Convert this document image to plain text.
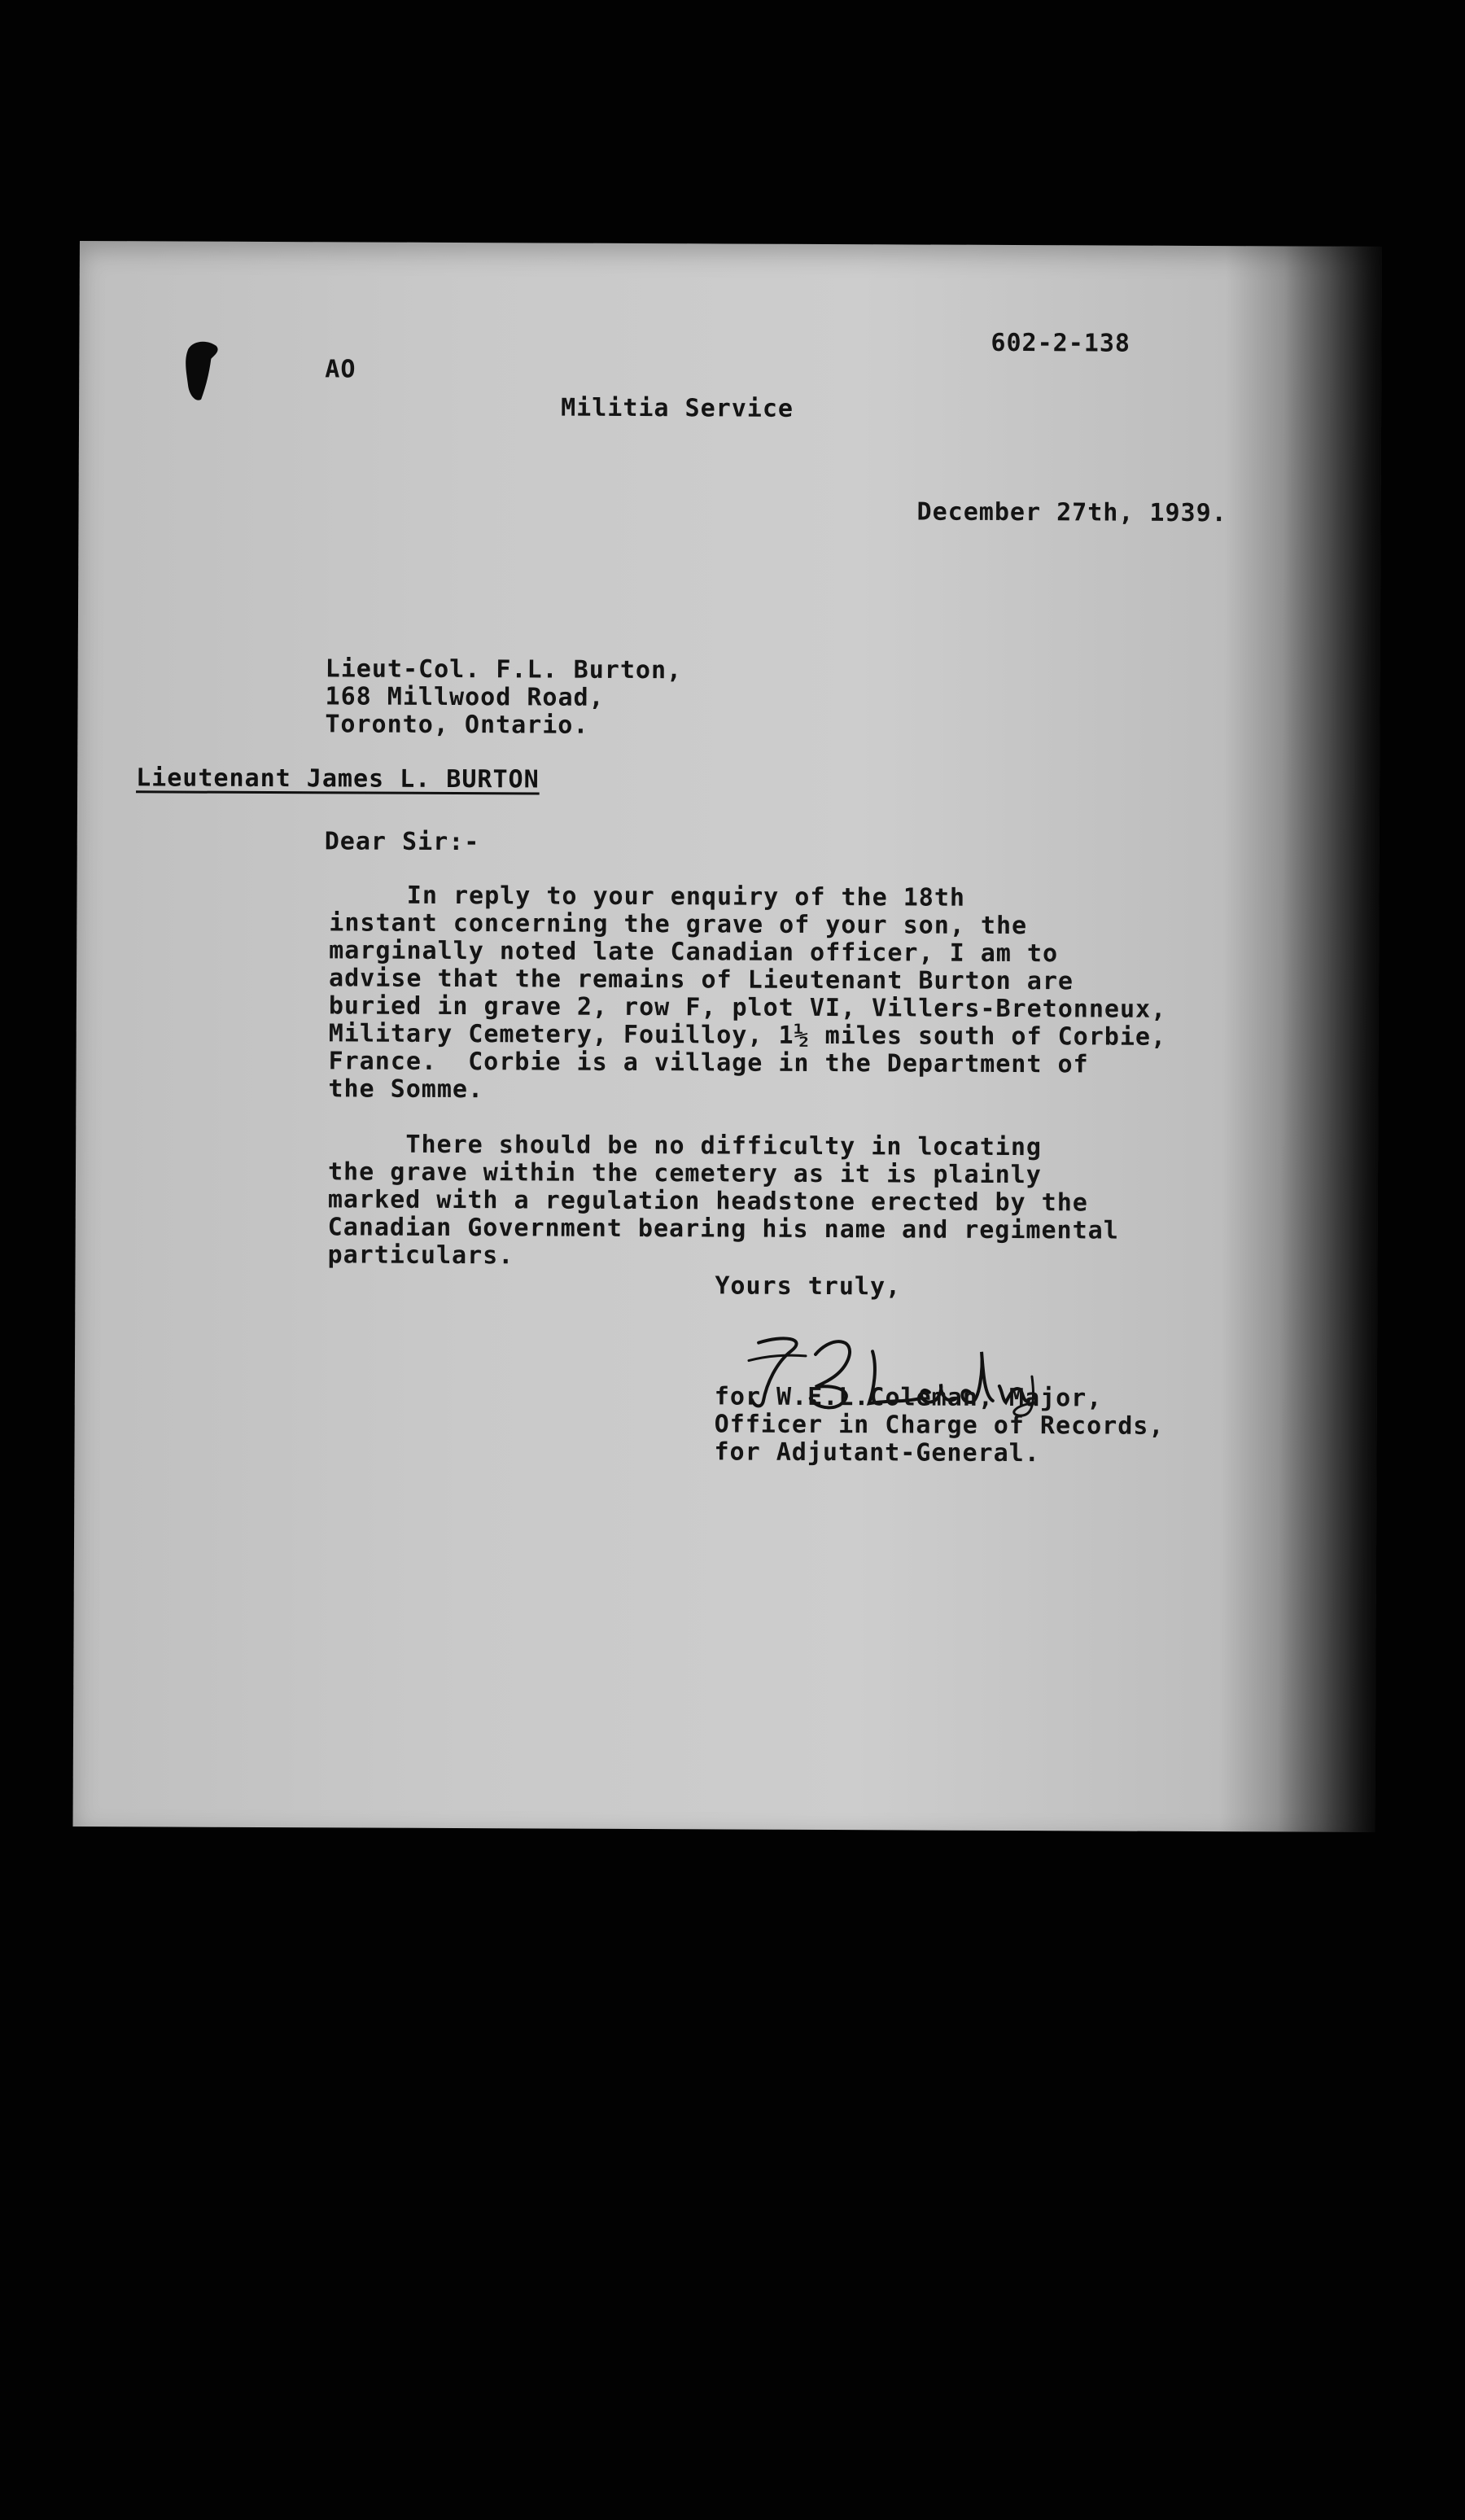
602-2-138
AO
Militia Service
December 27th, 1939.
Lieut-Col. F.L. Burton,
168 Millwood Road,
Toronto, Ontario.
Lieutenant James L. BURTON
Dear Sir:-
In reply to your enquiry of the 18th
instant concerning the grave of your son, the
marginally noted late Canadian officer, I am to
advise that the remains of Lieutenant Burton are
buried in grave 2, row F, plot VI, Villers-Bretonneux,
Military Cemetery, Fouilloy, 1½ miles south of Corbie,
France.  Corbie is a village in the Department of
the Somme.
There should be no difficulty in locating
the grave within the cemetery as it is plainly
marked with a regulation headstone erected by the
Canadian Government bearing his name and regimental
particulars.
Yours truly,
for W.E.L.Coleman, Major,
Officer in Charge of Records,
for Adjutant-General.
